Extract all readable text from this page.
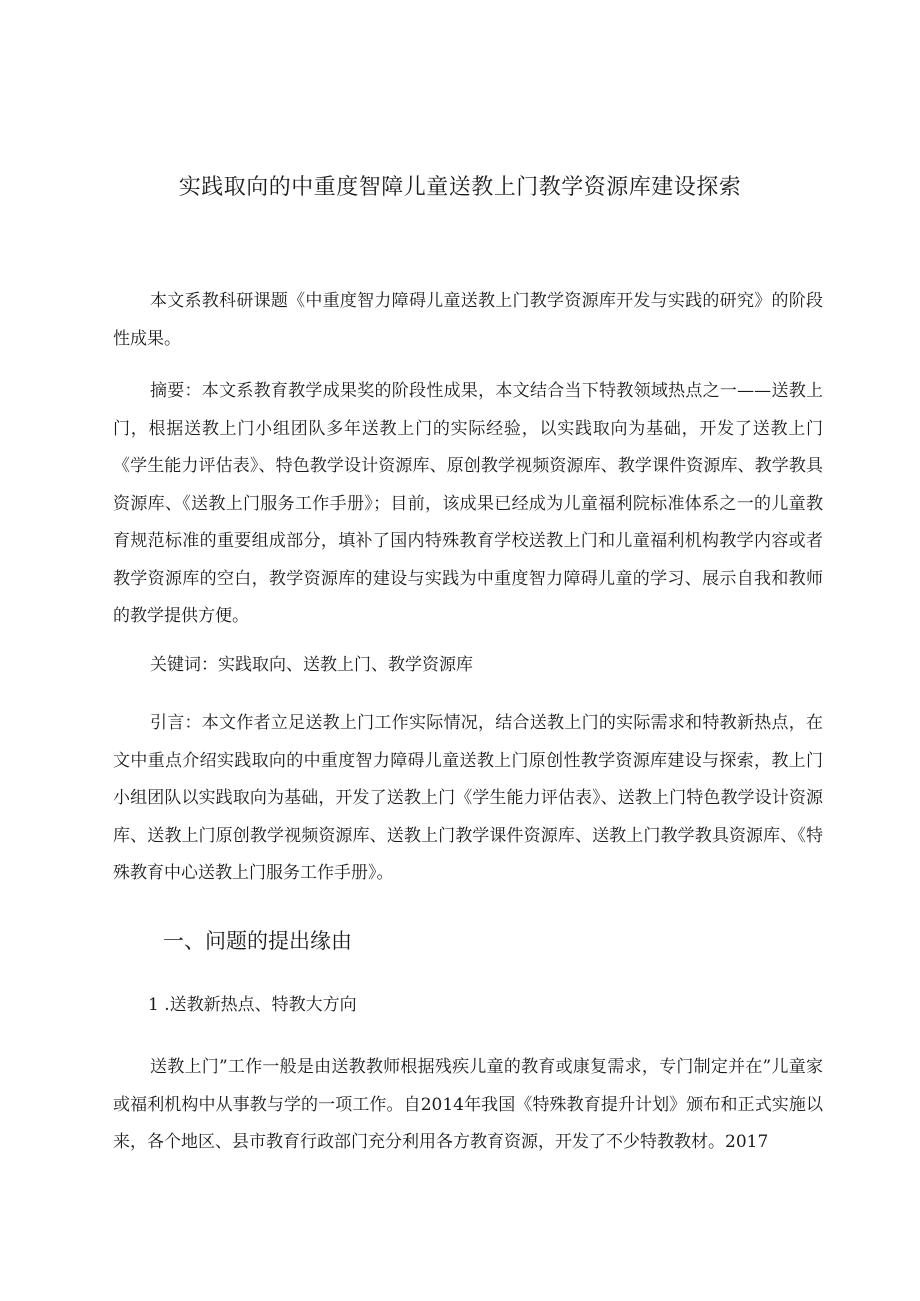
实践取向的中重度智障儿童送教上门教学资源库建设探索

本文系教科研课题《中重度智力障碍儿童送教上门教学资源库开发与实践的研究》的阶段性成果。

摘要：本文系教育教学成果奖的阶段性成果，本文结合当下特教领域热点之一——送教上门，根据送教上门小组团队多年送教上门的实际经验，以实践取向为基础，开发了送教上门《学生能力评估表》、特色教学设计资源库、原创教学视频资源库、教学课件资源库、教学教具资源库、《送教上门服务工作手册》；目前，该成果已经成为儿童福利院标准体系之一的儿童教育规范标准的重要组成部分，填补了国内特殊教育学校送教上门和儿童福利机构教学内容或者教学资源库的空白，教学资源库的建设与实践为中重度智力障碍儿童的学习、展示自我和教师的教学提供方便。

关键词：实践取向、送教上门、教学资源库

引言：本文作者立足送教上门工作实际情况，结合送教上门的实际需求和特教新热点，在文中重点介绍实践取向的中重度智力障碍儿童送教上门原创性教学资源库建设与探索，教上门小组团队以实践取向为基础，开发了送教上门《学生能力评估表》、送教上门特色教学设计资源库、送教上门原创教学视频资源库、送教上门教学课件资源库、送教上门教学教具资源库、《特殊教育中心送教上门服务工作手册》。

一、问题的提出缘由

1 .送教新热点、特教大方向

送教上门”工作一般是由送教教师根据残疾儿童的教育或康复需求，专门制定并在”儿童家或福利机构中从事教与学的一项工作。自2014年我国《特殊教育提升计划》颁布和正式实施以来，各个地区、县市教育行政部门充分利用各方教育资源，开发了不少特教教材。2017
